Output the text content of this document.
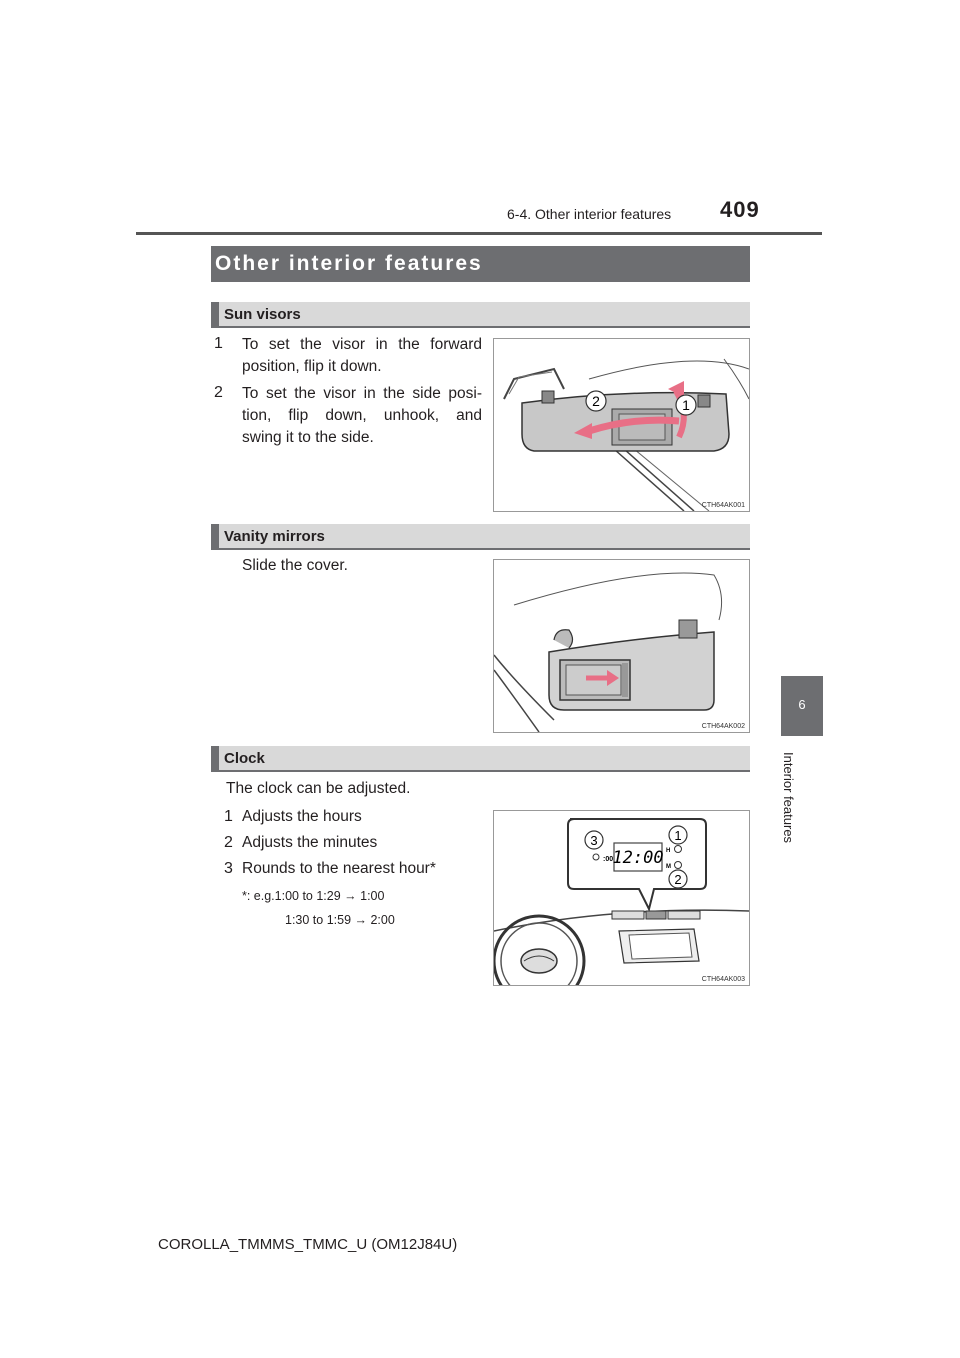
6-4. Other interior features 409
6
Interior features
Other interior features
Sun visors
1	To set the visor in the forward
position, flip it down.
2	To set the visor in the side posi-
tion, flip down, unhook, and
swing it to the side.
2	1
CTH64AK001
Vanity mirrors
Slide the cover.
CTH64AK002
Clock
The clock can be adjusted.
1 Adjusts the hours
2 Adjusts the minutes
3 Rounds to the nearest hour*
*: e.g.1:00 to 1:29 → 1:00
1:30 to 1:59 → 2:00
12:00
:00
H
M
3	1
2
CTH64AK003
COROLLA_TMMMS_TMMC_U (OM12J84U)
